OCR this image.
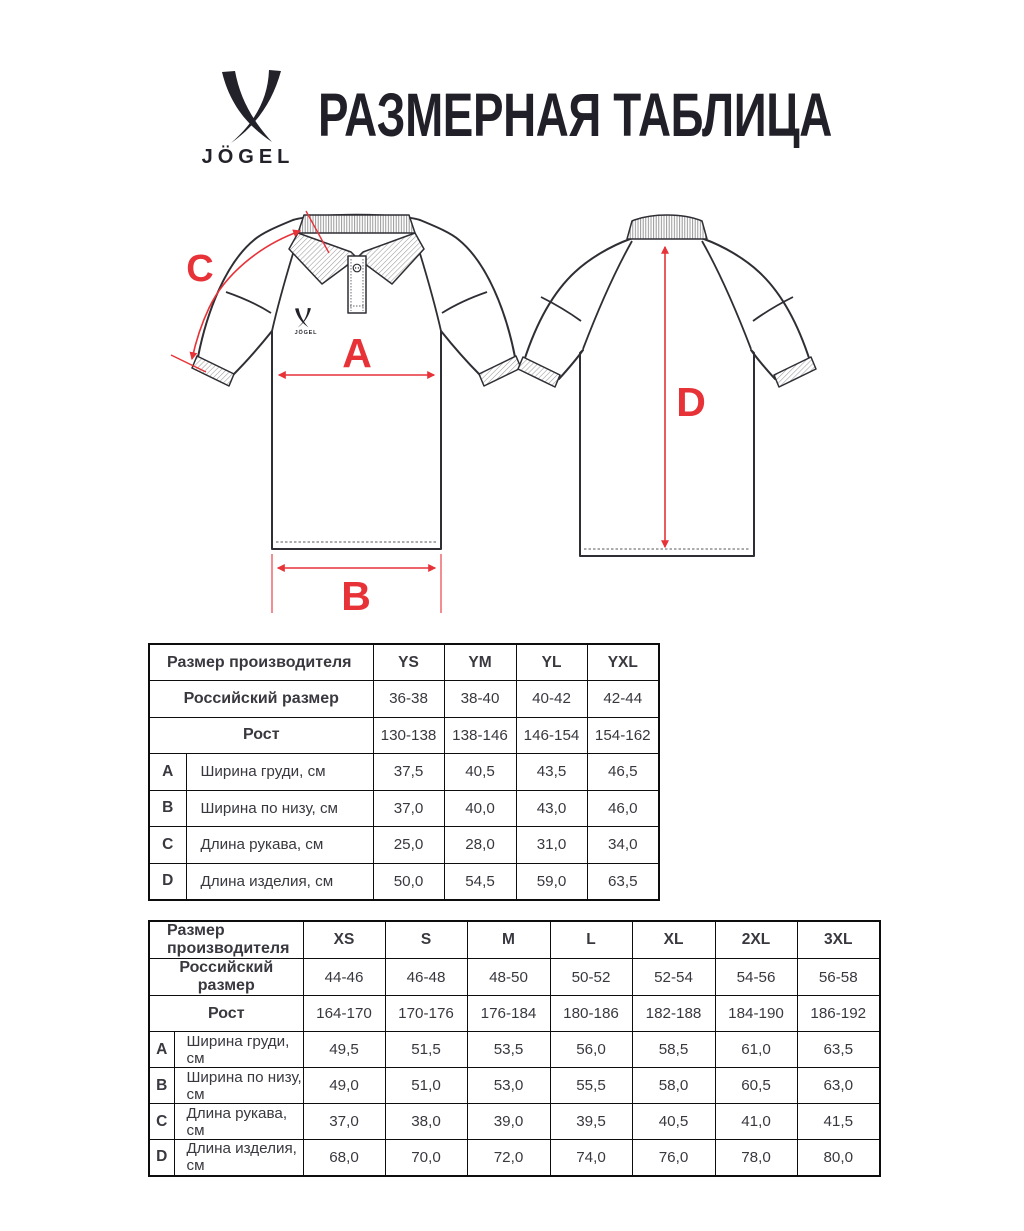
JÖGEL
РАЗМЕРНАЯ ТАБЛИЦА
JÖGEL A
B
C
D
Размер производителя		YS	YM	YL	YXL
Российский размер		36-38	38-40	40-42	42-44
Рост		130-138	138-146	146-154	154-162
A	Ширина груди, см	37,5	40,5	43,5	46,5
B	Ширина по низу, см	37,0	40,0	43,0	46,0
C	Длина рукава, см	25,0	28,0	31,0	34,0
D	Длина изделия, см	50,0	54,5	59,0	63,5
Размер производителя		XS	S	M	L	XL	2XL	3XL
Российский размер		44-46	46-48	48-50	50-52	52-54	54-56	56-58
Рост		164-170	170-176	176-184	180-186	182-188	184-190	186-192
A	Ширина груди, см	49,5	51,5	53,5	56,0	58,5	61,0	63,5
B	Ширина по низу, см	49,0	51,0	53,0	55,5	58,0	60,5	63,0
C	Длина рукава, см	37,0	38,0	39,0	39,5	40,5	41,0	41,5
D	Длина изделия, см	68,0	70,0	72,0	74,0	76,0	78,0	80,0
